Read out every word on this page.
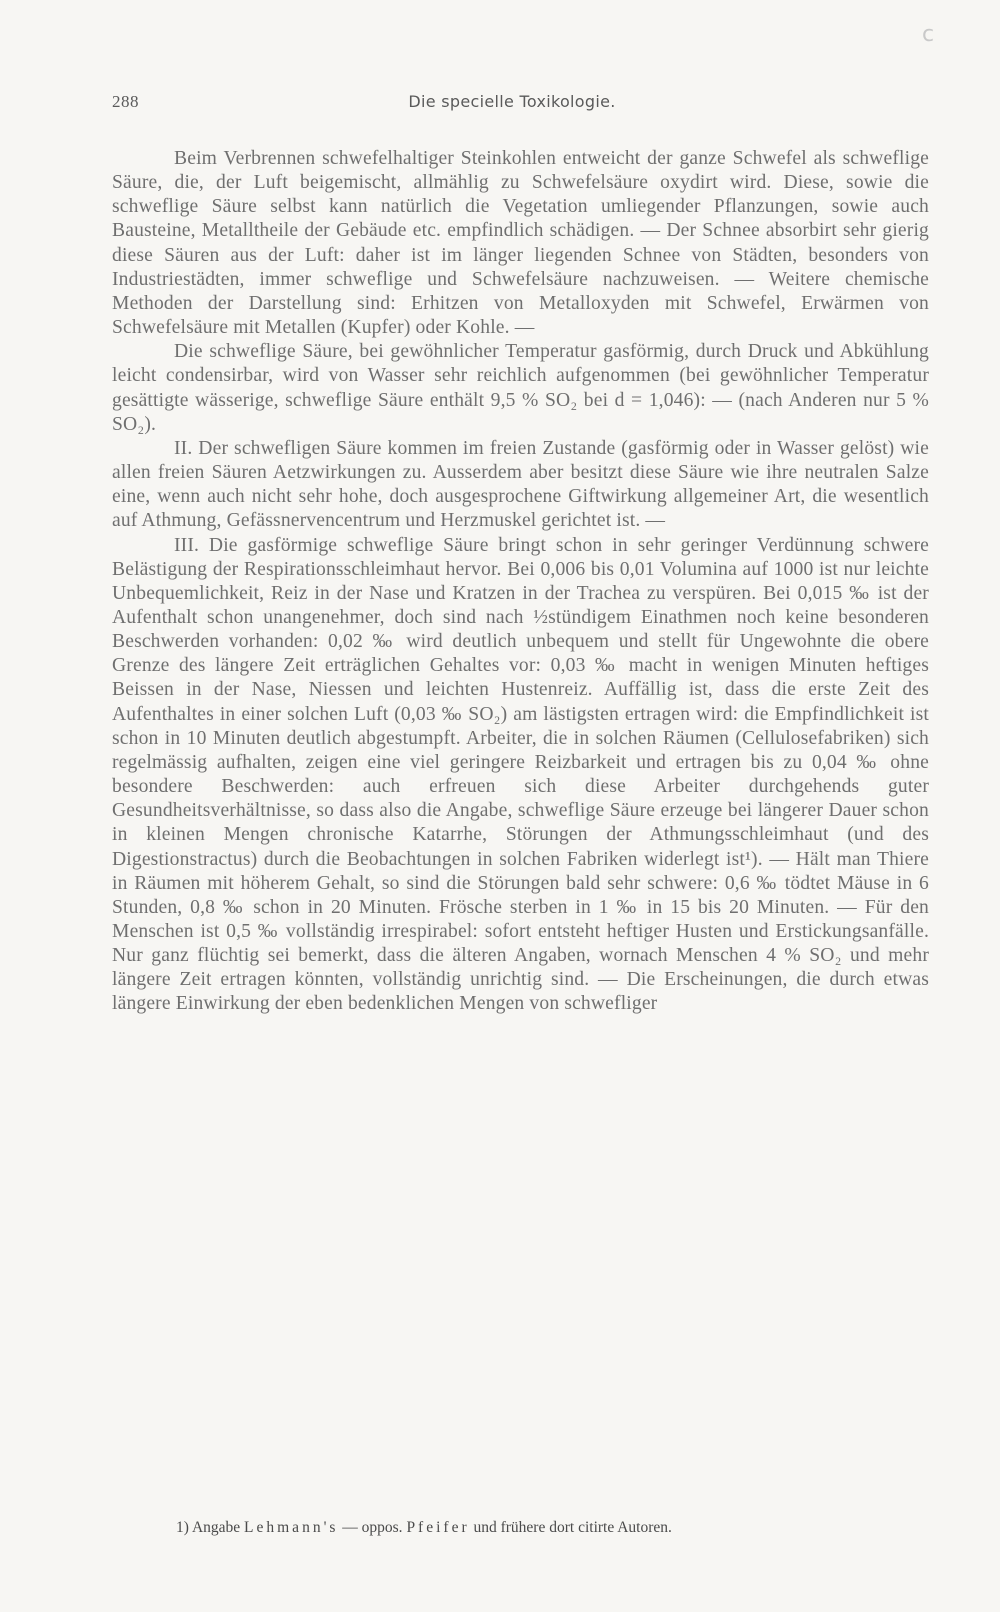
c
288	Die specielle Toxikologie.

Beim Verbrennen schwefelhaltiger Steinkohlen entweicht der ganze Schwefel als schweflige Säure, die, der Luft beigemischt, allmählig zu Schwefelsäure oxydirt wird. Diese, sowie die schweflige Säure selbst kann natürlich die Vegetation umliegender Pflanzungen, sowie auch Bausteine, Metalltheile der Gebäude etc. empfindlich schädigen. — Der Schnee absorbirt sehr gierig diese Säuren aus der Luft: daher ist im länger liegenden Schnee von Städten, besonders von Industriestädten, immer schweflige und Schwefelsäure nachzuweisen. — Weitere chemische Methoden der Darstellung sind: Erhitzen von Metalloxyden mit Schwefel, Erwärmen von Schwefelsäure mit Metallen (Kupfer) oder Kohle. —

Die schweflige Säure, bei gewöhnlicher Temperatur gasförmig, durch Druck und Abkühlung leicht condensirbar, wird von Wasser sehr reichlich aufgenommen (bei gewöhnlicher Temperatur gesättigte wässerige, schweflige Säure enthält 9,5 % SO₂ bei d = 1,046): — (nach Anderen nur 5 % SO₂).

II. Der schwefligen Säure kommen im freien Zustande (gasförmig oder in Wasser gelöst) wie allen freien Säuren Aetzwirkungen zu. Ausserdem aber besitzt diese Säure wie ihre neutralen Salze eine, wenn auch nicht sehr hohe, doch ausgesprochene Giftwirkung allgemeiner Art, die wesentlich auf Athmung, Gefässnervencentrum und Herzmuskel gerichtet ist. —

III. Die gasförmige schweflige Säure bringt schon in sehr geringer Verdünnung schwere Belästigung der Respirationsschleimhaut hervor. Bei 0,006 bis 0,01 Volumina auf 1000 ist nur leichte Unbequemlichkeit, Reiz in der Nase und Kratzen in der Trachea zu verspüren. Bei 0,015 ‰ ist der Aufenthalt schon unangenehmer, doch sind nach ½stündigem Einathmen noch keine besonderen Beschwerden vorhanden: 0,02 ‰ wird deutlich unbequem und stellt für Ungewohnte die obere Grenze des längere Zeit erträglichen Gehaltes vor: 0,03 ‰ macht in wenigen Minuten heftiges Beissen in der Nase, Niessen und leichten Hustenreiz. Auffällig ist, dass die erste Zeit des Aufenthaltes in einer solchen Luft (0,03 ‰ SO₂) am lästigsten ertragen wird: die Empfindlichkeit ist schon in 10 Minuten deutlich abgestumpft. Arbeiter, die in solchen Räumen (Cellulosefabriken) sich regelmässig aufhalten, zeigen eine viel geringere Reizbarkeit und ertragen bis zu 0,04 ‰ ohne besondere Beschwerden: auch erfreuen sich diese Arbeiter durchgehends guter Gesundheitsverhältnisse, so dass also die Angabe, schweflige Säure erzeuge bei längerer Dauer schon in kleinen Mengen chronische Katarrhe, Störungen der Athmungsschleimhaut (und des Digestionstractus) durch die Beobachtungen in solchen Fabriken widerlegt ist¹). — Hält man Thiere in Räumen mit höherem Gehalt, so sind die Störungen bald sehr schwere: 0,6 ‰ tödtet Mäuse in 6 Stunden, 0,8 ‰ schon in 20 Minuten. Frösche sterben in 1 ‰ in 15 bis 20 Minuten. — Für den Menschen ist 0,5 ‰ vollständig irrespirabel: sofort entsteht heftiger Husten und Erstickungsanfälle. Nur ganz flüchtig sei bemerkt, dass die älteren Angaben, wornach Menschen 4 % SO₂ und mehr längere Zeit ertragen könnten, vollständig unrichtig sind. — Die Erscheinungen, die durch etwas längere Einwirkung der eben bedenklichen Mengen von schwefliger

1) Angabe Lehmann's — oppos. Pfeifer und frühere dort citirte Autoren.
